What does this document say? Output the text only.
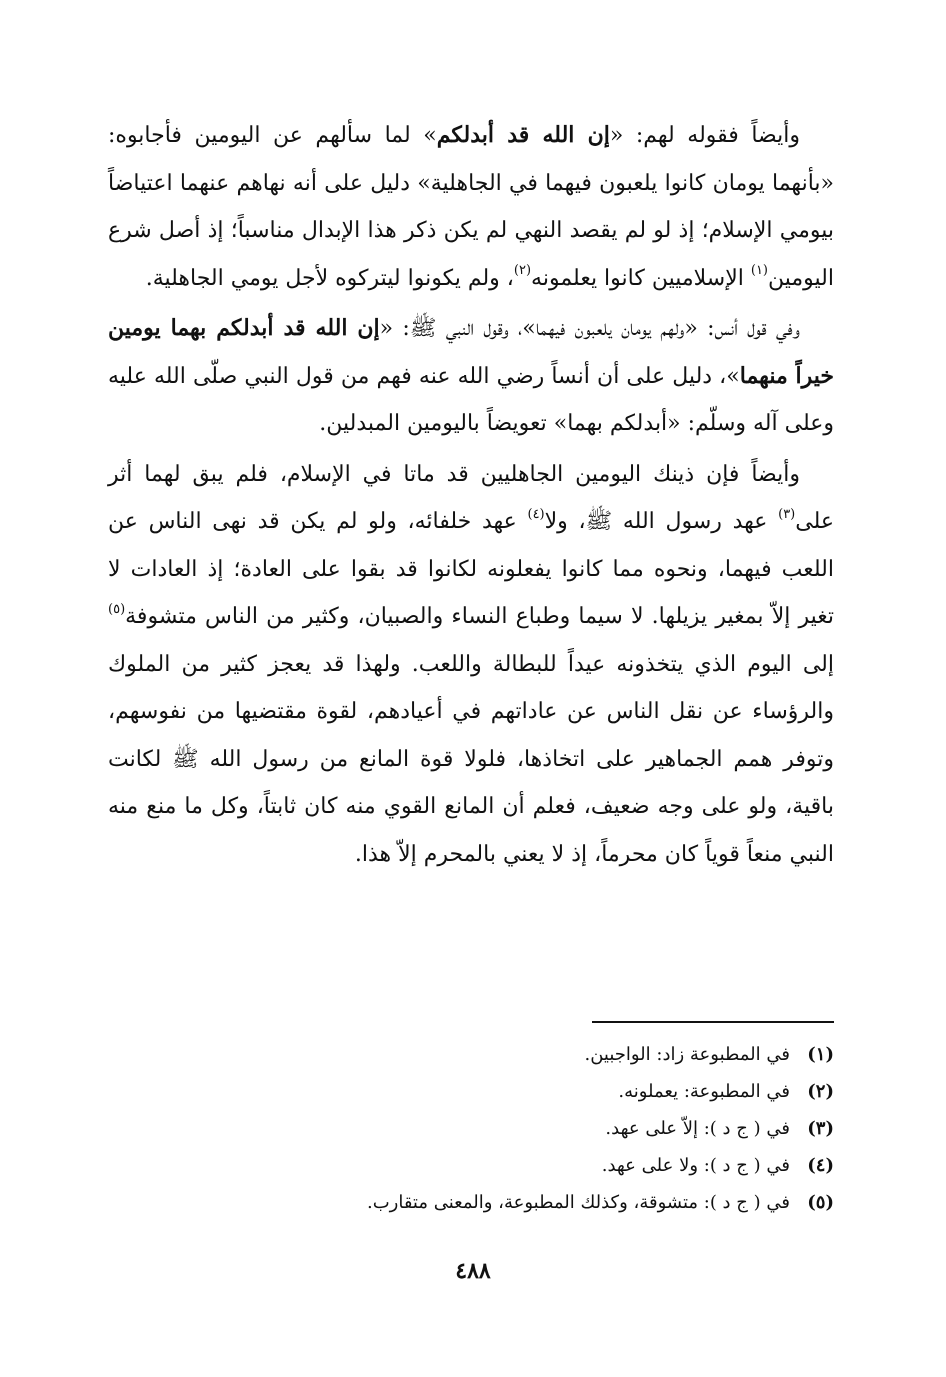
وأيضاً فقوله لهم: «إن الله قد أبدلكم» لما سألهم عن اليومين فأجابوه: «بأنهما يومان كانوا يلعبون فيهما في الجاهلية» دليل على أنه نهاهم عنهما اعتياضاً بيومي الإسلام؛ إذ لو لم يقصد النهي لم يكن ذكر هذا الإبدال مناسباً؛ إذ أصل شرع اليومين$^{(١)}$ الإسلاميين كانوا يعلمونه$^{(٢)}$، ولم يكونوا ليتركوه لأجل يومي الجاهلية.

وفي قول أنس: «ولهم يومان يلعبون فيهما»، وقول النبي ﷺ: «إن الله قد أبدلكم بهما يومين خيراً منهما»، دليل على أن أنساً رضي الله عنه فهم من قول النبي صلّى الله عليه وعلى آله وسلّم: «أبدلكم بهما» تعويضاً باليومين المبدلين.

وأيضاً فإن ذينك اليومين الجاهليين قد ماتا في الإسلام، فلم يبق لهما أثر على$^{(٣)}$ عهد رسول الله ﷺ، ولا$^{(٤)}$ عهد خلفائه، ولو لم يكن قد نهى الناس عن اللعب فيهما، ونحوه مما كانوا يفعلونه لكانوا قد بقوا على العادة؛ إذ العادات لا تغير إلاّ بمغير يزيلها. لا سيما وطباع النساء والصبيان، وكثير من الناس متشوفة$^{(٥)}$ إلى اليوم الذي يتخذونه عيداً للبطالة واللعب. ولهذا قد يعجز كثير من الملوك والرؤساء عن نقل الناس عن عاداتهم في أعيادهم، لقوة مقتضيها من نفوسهم، وتوفر همم الجماهير على اتخاذها، فلولا قوة المانع من رسول الله ﷺ لكانت باقية، ولو على وجه ضعيف، فعلم أن المانع القوي منه كان ثابتاً، وكل ما منع منه النبي منعاً قوياً كان محرماً، إذ لا يعني بالمحرم إلاّ هذا.

(١)
في المطبوعة زاد: الواجبين.
(٢)
في المطبوعة: يعملونه.
(٣)
في ( ج د ): إلاّ على عهد.
(٤)
في ( ج د ): ولا على عهد.
(٥)
في ( ج د ): متشوقة، وكذلك المطبوعة، والمعنى متقارب.
٤٨٨
